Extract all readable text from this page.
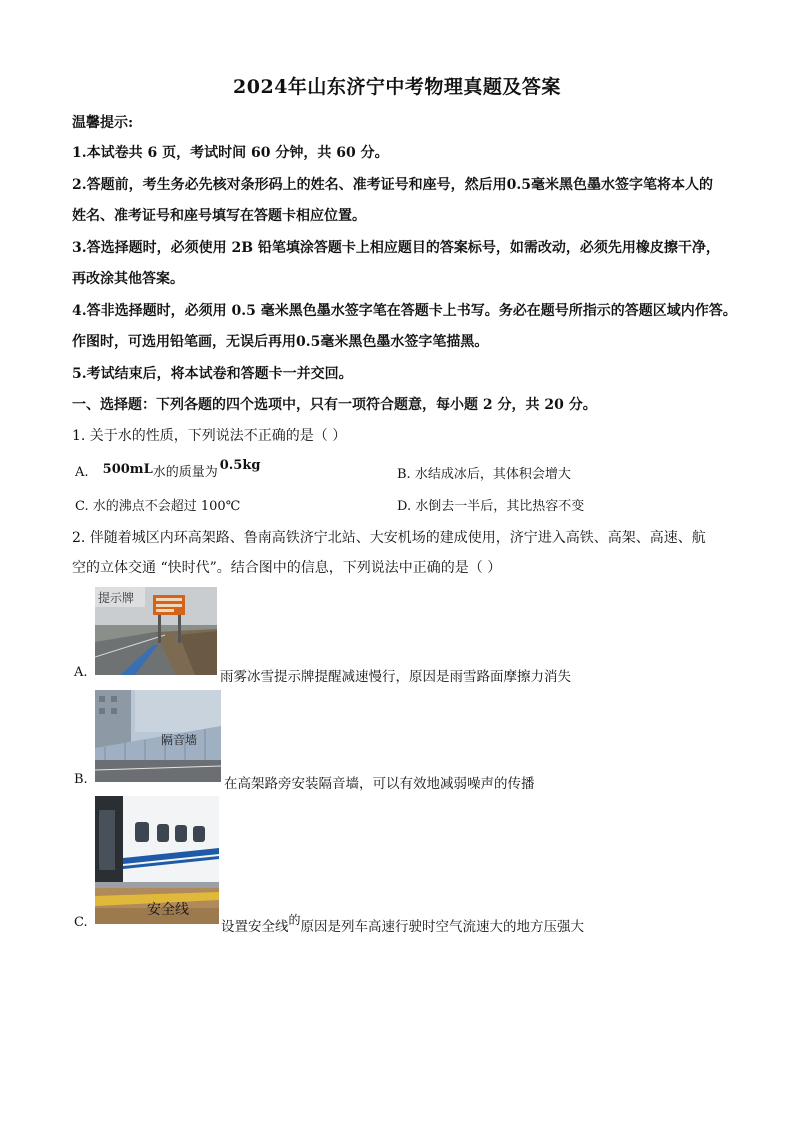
2024年山东济宁中考物理真题及答案
温馨提示:
1.本试卷共 6 页，考试时间 60 分钟，共 60 分。
2.答题前，考生务必先核对条形码上的姓名、准考证号和座号，然后用0.5毫米黑色墨水签字笔将本人的
姓名、准考证号和座号填写在答题卡相应位置。
3.答选择题时，必须使用 2B 铅笔填涂答题卡上相应题目的答案标号，如需改动，必须先用橡皮擦干净，
再改涂其他答案。
4.答非选择题时，必须用 0.5 毫米黑色墨水签字笔在答题卡上书写。务必在题号所指示的答题区域内作答。
作图时，可选用铅笔画，无误后再用0.5毫米黑色墨水签字笔描黑。
5.考试结束后，将本试卷和答题卡一并交回。
一、选择题：下列各题的四个选项中，只有一项符合题意，每小题 2 分，共 20 分。
1. 关于水的性质，下列说法不正确的是（ ）
A. 500mL水的质量为 0.5kg
B. 水结成冰后，其体积会增大
C. 水的沸点不会超过 100℃	D. 水倒去一半后，其比热容不变
2. 伴随着城区内环高架路、鲁南高铁济宁北站、大安机场的建成使用，济宁进入高铁、高架、高速、航
空的立体交通 “快时代”。结合图中的信息，下列说法中正确的是（ ）
提示牌
A.	雨雾冰雪提示牌提醒减速慢行，原因是雨雪路面摩擦力消失
隔音墙
B.	在高架路旁安装隔音墙，可以有效地减弱噪声的传播
安全线
C.	设置安全线的原因是列车高速行驶时空气流速大的地方压强大
